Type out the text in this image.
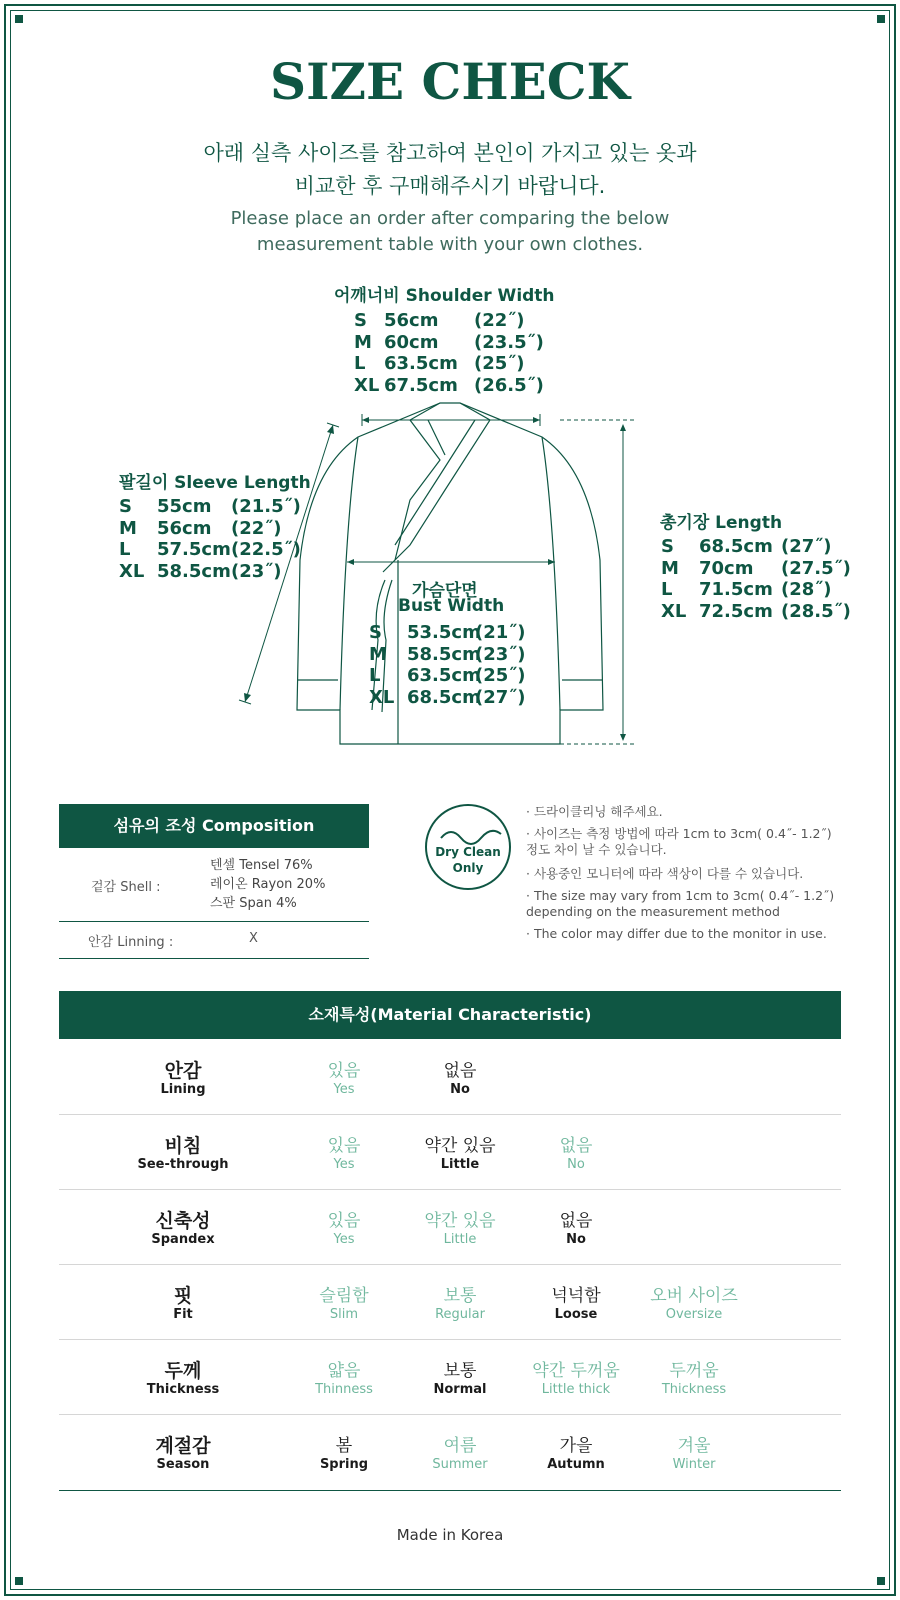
SIZE CHECK
아래 실측 사이즈를 참고하여 본인이 가지고 있는 옷과
비교한 후 구매해주시기 바랍니다.
Please place an order after comparing the below
measurement table with your own clothes.
어깨너비 Shoulder Width
S 56cm (22˝)
M 60cm (23.5˝)
L 63.5cm (25˝)
XL 67.5cm (26.5˝)
팔길이 Sleeve Length
S 55cm (21.5˝)
M 56cm (22˝)
L 57.5cm (22.5˝)
XL 58.5cm (23˝)
총기장 Length
S 68.5cm (27˝)
M 70cm (27.5˝)
L 71.5cm (28˝)
XL 72.5cm (28.5˝)
가슴단면
Bust Width
S 53.5cm
(21˝)
M 58.5cm
(23˝)
L 63.5cm
(25˝)
XL 68.5cm
(27˝)
섬유의 조성 Composition
겉감 Shell :
텐셀 Tensel 76%
레이온 Rayon 20%
스판 Span 4%
안감 Linning :	X
Dry Clean
Only
· 드라이클리닝 해주세요.
· 사이즈는 측정 방법에 따라 1cm to 3cm( 0.4˝- 1.2˝)
정도 차이 날 수 있습니다.
· 사용중인 모니터에 따라 색상이 다를 수 있습니다.
· The size may vary from 1cm to 3cm( 0.4˝- 1.2˝)
depending on the measurement method
· The color may differ due to the monitor in use.
소재특성(Material Characteristic)
안감
Lining
있음
Yes
없음
No
비침
See-through
있음
Yes
약간 있음
Little
없음
No
신축성
Spandex
있음
Yes
약간 있음
Little
없음
No
핏
Fit
슬림함
Slim
보통
Regular
넉넉함
Loose
오버 사이즈
Oversize
두께
Thickness
얇음
Thinness
보통
Normal
약간 두꺼움
Little thick
두꺼움
Thickness
계절감
Season
봄
Spring
여름
Summer
가을
Autumn
겨울
Winter
Made in Korea
